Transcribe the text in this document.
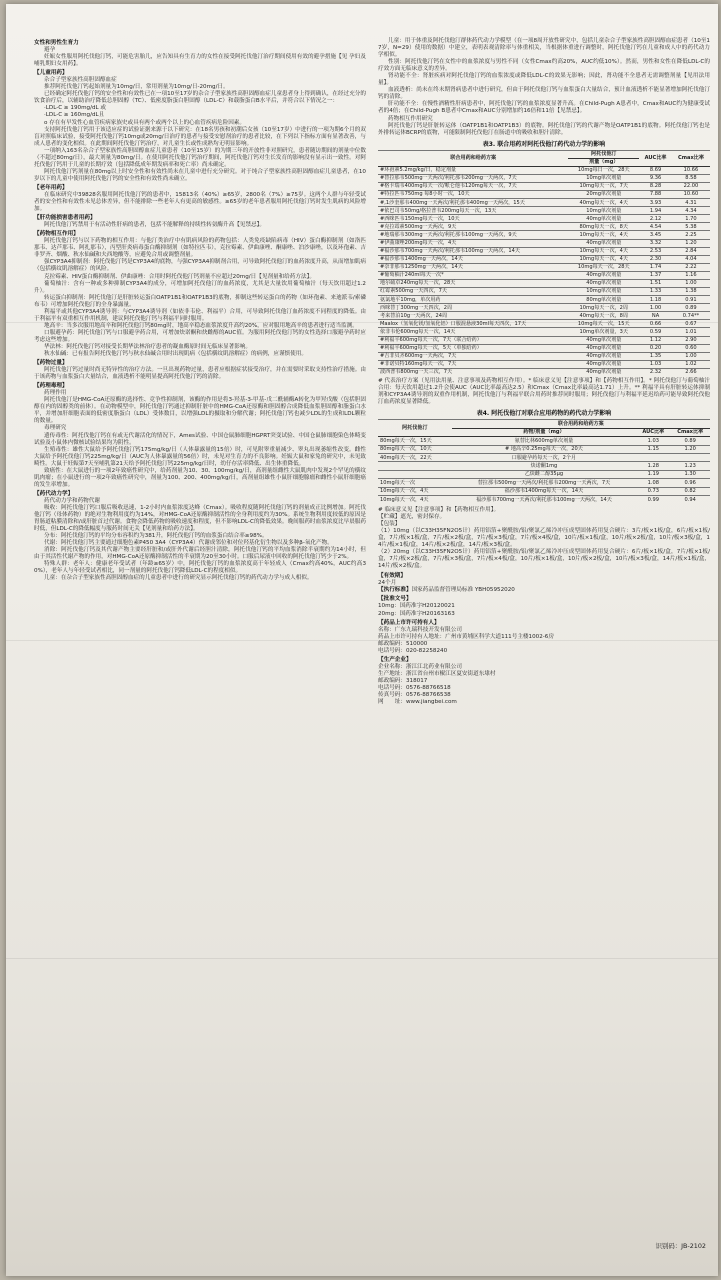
女性和男性生育力

避孕

妊娠女性服用阿托伐他汀钙，可能危害胎儿，应告知具有生育力的女性在接受阿托伐他汀治疗期间使用有效的避孕措施【见 孕妇及哺乳期妇女用药】。

【儿童用药】

杂合子型家族性高胆固醇血症

推荐阿托伐他汀钙起始剂量为10mg/日，常用剂量为10mg/日-20mg/日。

已经确定阿托伐他汀钙的安全性和有效性已在一项10至17岁的杂合子型家族性高胆固醇血症儿童患者身上得到确认，在经过充分的饮食治疗后，以辅助治疗降低总胆固醇（TC）、低密度脂蛋白胆固醇（LDL-C）和载脂蛋白B水平后，并符合以下情况之一：

·LDL-C ≥ 190mg/dL 或

·LDL-C ≥ 160mg/dL且

o 存在有早发性心血管疾病家族史或具有两个或两个以上的心血管疾病危险因素。

支持阿托伐他汀钙用于该适应症的试验证据来源于以下研究：在18名男孩和初潮后女孩（10至17岁）中进行的一项为期6个月的双盲对照临床试验，接受阿托伐他汀钙10mg或20mg/日治疗的患者与接受安慰剂治疗的患者比较，在下列以下指标方面有显著改善，与成人患者的变化相似。在此期间阿托伐他汀钙治疗，对儿童生长或性成熟均无明显影响。

一项纳入163名杂合子型家族性高胆固醇血症儿童患者（10至15岁）的为期三年的开放性非对照研究，患者随访期间的剂量中位数（不超过80mg/日），最大剂量为80mg/日。在使用阿托伐他汀钙治疗期间，阿托伐他汀钙对生长发育的影响没有显示出一致性。对阿托伐他汀钙用于儿童的长期疗效（包括降低成年期发病率和死亡率）尚未确定。

阿托伐他汀钙剂量在80mg以上时安全性和有效性尚未在儿童中进行充分研究。对于纯合子型家族性高胆固醇血症儿童患者，在10岁以下的儿童中使用阿托伐他汀钙的安全性和有效性尚未确立。

【老年用药】

在临床研究中39828名服用阿托伐他汀钙的患者中，15813名（40%）≥65岁，2800名（7%）≥75岁。这两个人群与年轻受试者的安全性和有效性未见总体差异，但不能排除一些老年人有更高的敏感性。≥65岁的老年患者服用阿托伐他汀钙时发生肌病的风险增加。

【肝功能损害患者用药】

阿托伐他汀钙禁用于有活动性肝病的患者，包括不能解释的持续性转氨酶升高【见禁忌】。

【药物相互作用】

阿托伐他汀钙与以下药物的相互作用：与他汀类治疗中有肌病风险的药物包括：人类免疫缺陷病毒（HIV）蛋白酶抑制剂（如洛匹那韦、达芦那韦、阿扎那韦），丙型肝炎病毒蛋白酶抑制剂（如特拉匹韦），克拉霉素、伊曲康唑、酮康唑、泊沙康唑，以及环孢素、吉非罗齐、烟酸、秋水仙碱和夫西地酸等，应避免合用或调整剂量。

强CYP3A4抑制剂：阿托伐他汀钙是CYP3A4的底物，与强CYP3A4抑制剂合用，可导致阿托伐他汀的血药浓度升高，从而增加肌病（包括横纹肌溶解症）的风险。

克拉霉素、HIV蛋白酶抑制剂、伊曲康唑：合用时阿托伐他汀钙剂量不应超过20mg/日【见剂量和给药方法】。

葡萄柚汁：含有一种或多种抑制CYP3A4的成分，可增加阿托伐他汀的血药浓度，尤其是大量饮用葡萄柚汁（每天饮用超过1.2升）。

转运蛋白抑制剂：阿托伐他汀是肝脏转运蛋白OATP1B1和OATP1B3的底物，抑制这些转运蛋白的药物（如环孢素、来迪派韦/索磷布韦）可增加阿托伐他汀的全身暴露量。

利福平或其他CYP3A4诱导剂：与CYP3A4诱导剂（如依非韦伦、利福平）合用，可导致阿托伐他汀血药浓度不同程度的降低。由于利福平有双重相互作用机制，建议阿托伐他汀钙与利福平同时服用。

地高辛：当多次服用地高辛和阿托伐他汀钙80mg时，地高辛稳态血浆浓度升高约20%，应对服用地高辛的患者进行适当监测。

口服避孕药：阿托伐他汀钙与口服避孕药合用，可增加炔诺酮和炔雌醇的AUC值。为服用阿托伐他汀钙的女性选择口服避孕药时应考虑这些增加。

华法林：阿托伐他汀钙对接受长期华法林治疗患者的凝血酶原时间无临床显著影响。

秋水仙碱：已有报告阿托伐他汀钙与秋水仙碱合用时出现肌病（包括横纹肌溶解症）的病例，应谨慎使用。

【药物过量】

阿托伐他汀钙过量时尚无特异性的治疗方法。一旦出现药物过量，患者应根据症状接受治疗，并在需要时采取支持性治疗措施。由于该药物与血浆蛋白大量结合，血液透析不能明显提高阿托伐他汀钙的清除。

【药理毒理】

药理作用

阿托伐他汀是HMG-CoA还原酶的选择性、竞争性抑制剂，该酶的作用是将3-羟基-3-甲基-戊二酰辅酶A转化为甲羟戊酸（包括胆固醇在内的固醇类的前体）。在动物模型中，阿托伐他汀钙通过抑制肝脏中的HMG-CoA还原酶和胆固醇合成降低血浆胆固醇和脂蛋白水平，并增加肝细胞表面的低密度脂蛋白（LDL）受体数目，以增强LDL的摄取和分解代谢；阿托伐他汀钙也减少LDL的生成和LDL颗粒的数量。

毒理研究

遗传毒性：阿托伐他汀钙在有或无代谢活化的情况下，Ames试验、中国仓鼠肺细胞HGPRT突变试验、中国仓鼠肺细胞染色体畸变试验及小鼠体内微核试验结果均为阴性。

生殖毒性：雄性大鼠给予阿托伐他汀钙175mg/kg/日（人体暴露量的15倍）时，可见附睾重量减少、睾丸出现萎缩性改变。雌性大鼠给予阿托伐他汀钙225mg/kg/日（AUC为人体暴露量的56倍）时，未见对生育力的不良影响。妊娠大鼠和家兔的研究中，未见致畸性。大鼠于妊娠第7天至哺乳第21天给予阿托伐他汀钙225mg/kg/日时，幼仔存活率降低、出生体重降低。

致癌性：在大鼠进行的一项2年致癌性研究中，给药剂量为10、30、100mg/kg/日，高剂量组雌性大鼠肌肉中发现2个罕见的横纹肌肉瘤；在小鼠进行的一项2年致癌性研究中，剂量为100、200、400mg/kg/日，高剂量组雄性小鼠肝细胞腺瘤和雌性小鼠肝细胞癌的发生率增加。

【药代动力学】

药代动力学和药物代谢

吸收：阿托伐他汀钙口服后吸收迅速，1-2小时内血浆浓度达峰（Cmax）。吸收程度随阿托伐他汀钙的剂量成正比例增加。阿托伐他汀钙（母体药物）的绝对生物利用度约为14%，对HMG-CoA还原酶抑制活性的全身利用度约为30%。系统生物利用度较低的原因是胃肠道粘膜清除和/或肝脏首过代谢。食物会降低药物的吸收速度和程度，但不影响LDL-C的降低效果。晚间服药时血浆浓度比早晨服药时低，但LDL-C的降低幅度与服药时间无关【见剂量和给药方法】。

分布：阿托伐他汀钙的平均分布容积约为381升，阿托伐他汀钙的血浆蛋白结合率≥98%。

代谢：阿托伐他汀钙主要通过细胞色素P450 3A4（CYP3A4）代谢成邻位和对位羟基化衍生物以及多种β-氧化产物。

消除：阿托伐他汀钙及其代谢产物主要经肝脏和/或肝外代谢后经胆汁清除，阿托伐他汀钙的平均血浆消除半衰期约为14小时，但由于其活性代谢产物的作用，对HMG-CoA还原酶抑制活性的半衰期为20至30小时。口服后尿液中回收的阿托伐他汀钙少于2%。

特殊人群：老年人：健康老年受试者（年龄≥65岁）中，阿托伐他汀钙的血浆浓度高于年轻成人（Cmax约高40%，AUC约高30%），老年人与年轻受试者相比，同一剂量的阿托伐他汀钙降低LDL-C的程度相似。

儿童：在杂合子型家族性高胆固醇血症的儿童患者中进行的研究显示阿托伐他汀钙的药代动力学与成人相似。

儿童：用于体重及阿托伐他汀群体药代动力学模型（在一项8周开放性研究中，包括儿童杂合子型家族性高胆固醇血症患者（10至17岁，N=29）使用的数据）中建立，表明表观清除率与体重相关，当根据体重进行调整时，阿托伐他汀钙在儿童和成人中的药代动力学相似。

性别：阿托伐他汀钙在女性中的血浆浓度与男性不同（女性Cmax约高20%，AUC约低10%）。然而，男性和女性在降低LDL-C的疗效方面无临床意义的差异。

肾功能不全：肾脏疾病对阿托伐他汀钙的血浆浓度或降低LDL-C的效果无影响；因此，肾功能不全患者无需调整剂量【见用法用量】。

血液透析：尚未在终末期肾病患者中进行研究，但由于阿托伐他汀钙与血浆蛋白大量结合，预计血液透析不能显著增加阿托伐他汀钙的清除。

肝功能不全：在慢性酒精性肝病患者中，阿托伐他汀钙的血浆浓度显著升高。在Child-Pugh A患者中，Cmax和AUC约为健康受试者的4倍；在Child-Pugh B患者中Cmax和AUC分别增加约16倍和11倍【见禁忌】。

药物相互作用研究

阿托伐他汀钙是肝脏转运体（OATP1B1和OATP1B3）的底物。阿托伐他汀钙的代谢产物是OATP1B1的底物。阿托伐他汀钙也是外排转运体BCRP的底物，可能限制阿托伐他汀在肠道中的吸收和胆汁清除。

表3. 联合用药对阿托伐他汀药代动力学的影响
联合用药和给药方案	阿托伐他汀	AUC比率	Cmax比率
	剂量（mg）		
#环孢素5.2mg/kg/日，稳定剂量	10mg每日一次，28天	8.69	10.66
#替拉那韦500mg一天两次/利托那韦200mg一天两次，7天	10mg单次剂量	9.36	8.58
#格卡瑞韦400mg每天一次/哌仑他韦120mg每天一次，7天	10mg每天一次，7天	8.28	22.00
#特拉匹韦750mg 每8小时一次，10天	20mg单次剂量	7.88	10.60
#,1沙奎那韦400mg一天两次/利托那韦400mg一天两次，15天	40mg每天一次，4天	3.93	4.31
#依巴司韦50mg/格拉普韦200mg每天一次，13天	10mg单次剂量	1.94	4.34
#西咪匹韦150mg每天一次，10天	40mg单次剂量	2.12	1.70
#克拉霉素500mg一天两次，9天	80mg每天一次，8天	4.54	5.38
#地瑞那韦300mg一天两次/利托那韦100mg一天两次，9天	10mg每天一次，4天	3.45	2.25
#伊曲康唑200mg每天一次，4天	40mg单次剂量	3.32	1.20
#福沙那韦700mg一天两次/利托那韦100mg一天两次，14天	10mg每天一次，4天	2.53	2.84
#福沙那韦1400mg一天两次，14天	10mg每天一次，4天	2.30	4.04
#奈非那韦1250mg一天两次，14天	10mg每天一次，28天	1.74	2.22
#葡萄柚汁240ml每天一次*	40mg单次剂量	1.37	1.16
地尔硫卓240mg每天一次，28天	40mg单次剂量	1.51	1.00
红霉素500mg一天四次，7天	10mg单次剂量	1.33	1.38
氨氯地平10mg，单次用药	80mg单次剂量	1.18	0.91
西咪替丁300mg一天四次，2周	10mg每天一次，2周	1.00	0.89
考来替泊10g一天两次，24周	40mg每天一次，8周	NA	0.74**
Maalox（氢氧化镁/氢氧化铝）口服混悬液30ml每天四次，17天	10mg每天一次，15天	0.66	0.67
依非韦伦600mg每天一次，14天	10mg单次剂量，3天	0.59	1.01
#利福平600mg每天一次，7天（联合给药）	40mg单次剂量	1.12	2.90
#利福平600mg每天一次，5天（单独给药）	40mg单次剂量	0.20	0.60
#吉非贝齐600mg一天两次，7天	40mg单次剂量	1.35	1.00
#非诺贝特160mg每天一次，7天	40mg单次剂量	1.03	1.02
波西普韦800mg一天三次，7天	40mg单次剂量	2.32	2.66

# 代表治疗方案（见用法用量、注意事项及药物相互作用）。* 临床意义见【注意事项】和【药物相互作用】。* 阿托伐他汀与葡萄柚汁合用：每天饮用超过1.2升会使AUC（AUC比率最高达2.5）和Cmax（Cmax比率最高达1.71）上升。** 利福平具有肝脏转运体抑制剂和CYP3A4诱导剂的双重作用机制，阿托伐他汀与利福平联合用药时推荐同时服用；阿托伐他汀与利福平延迟给药可能导致阿托伐他汀血药浓度显著降低。

表4. 阿托伐他汀对联合应用药物的药代动力学影响
阿托伐他汀	联合用药和给药方案		
	药物/剂量（mg）	AUC比率	Cmax比率
80mg每天一次，15天	氨替比林600mg单次剂量	1.03	0.89
80mg每天一次，10天	# 地高辛0.25mg每天一次，20天	1.15	1.20
40mg每天一次，22天	口服避孕药每天一次，2个月		
	炔诺酮1mg	1.28	1.23
	乙炔雌二醇35μg	1.19	1.30
10mg每天一次	替拉那韦500mg一天两次/利托那韦200mg一天两次，7天	1.08	0.96
10mg每天一次，4天	福沙那韦1400mg每天一次，14天	0.73	0.82
10mg每天一次，4天	福沙那韦700mg一天两次/利托那韦100mg一天两次，14天	0.99	0.94

# 临床意义见【注意事项】和【药物相互作用】。

【贮藏】遮光，密封保存。

【包装】

（1）10mg（以C33H35FN2O5计）药用铝箔+聚酰胺/铝/聚氯乙烯冷冲压成型固体药用复合硬片：3片/板×1板/盒，6片/板×1板/盒，7片/板×1板/盒，7片/板×2板/盒，7片/板×3板/盒，7片/板×4板/盒，10片/板×1板/盒，10片/板×2板/盒，10片/板×3板/盒，14片/板×1板/盒，14片/板×2板/盒，14片/板×3板/盒。

（2）20mg（以C33H35FN2O5计）药用铝箔+聚酰胺/铝/聚氯乙烯冷冲压成型固体药用复合硬片：6片/板×1板/盒，7片/板×1板/盒，7片/板×2板/盒，7片/板×3板/盒，7片/板×4板/盒，10片/板×1板/盒，10片/板×2板/盒，10片/板×3板/盒，14片/板×1板/盒，14片/板×2板/盒。

【有效期】
24个月
【执行标准】国家药品监督管理局标准 YBH05952020
【批准文号】
10mg：国药准字H20120021
20mg：国药准字H20163163
【药品上市许可持有人】
名称：广东九瑞科技开发有限公司
药品上市许可持有人地址：广州市黄埔区科学大道111号主楼1002-6房
邮政编码：510000
电话号码：020-82258240
【生产企业】
企业名称：浙江江北药业有限公司
生产地址：浙江省台州市椒江区夏安街道东埭村
邮政编码：318017
电话号码：0576-88766518
传真号码：0576-88766538
网　　址：www.jiangbei.com
识别码：JB-2102
